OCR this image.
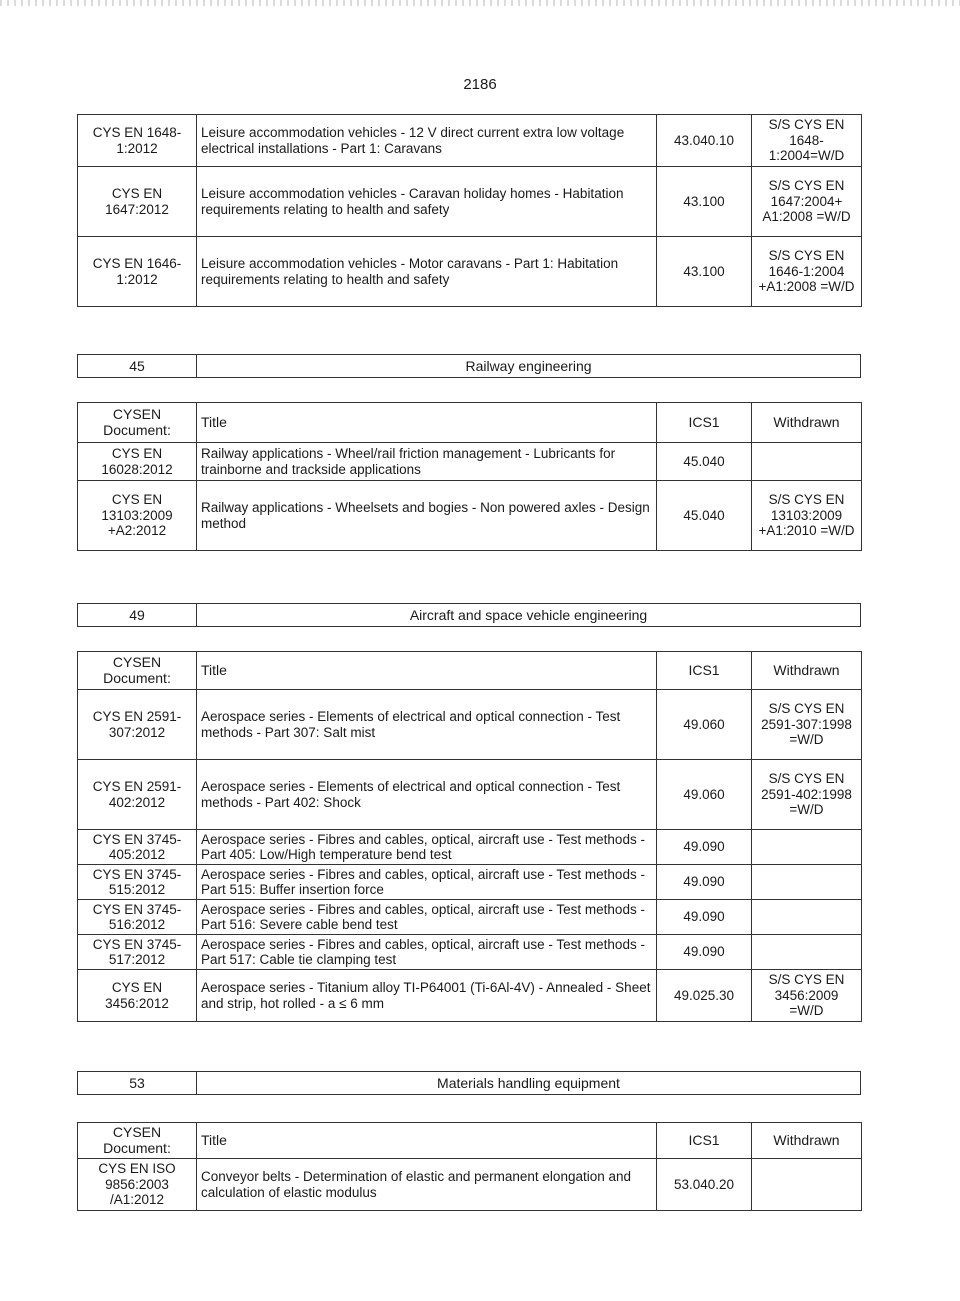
2186
CYS EN 1648-1:2012	Leisure accommodation vehicles - 12 V direct current extra low voltage electrical installations - Part 1: Caravans	43.040.10	S/S CYS EN 1648-1:2004=W/D
CYS EN 1647:2012	Leisure accommodation vehicles - Caravan holiday homes - Habitation requirements relating to health and safety	43.100	S/S CYS EN 1647:2004+ A1:2008 =W/D
CYS EN 1646-1:2012	Leisure accommodation vehicles - Motor caravans - Part 1: Habitation requirements relating to health and safety	43.100	S/S CYS EN 1646-1:2004 +A1:2008 =W/D
45	Railway engineering
CYSEN Document:	Title	ICS1	Withdrawn
CYS EN 16028:2012	Railway applications - Wheel/rail friction management - Lubricants for trainborne and trackside applications	45.040	
CYS EN 13103:2009 +A2:2012	Railway applications - Wheelsets and bogies - Non powered axles - Design method	45.040	S/S CYS EN 13103:2009 +A1:2010 =W/D
49	Aircraft and space vehicle engineering
CYSEN Document:	Title	ICS1	Withdrawn
CYS EN 2591-307:2012	Aerospace series - Elements of electrical and optical connection - Test methods - Part 307: Salt mist	49.060	S/S CYS EN 2591-307:1998 =W/D
CYS EN 2591-402:2012	Aerospace series - Elements of electrical and optical connection - Test methods - Part 402: Shock	49.060	S/S CYS EN 2591-402:1998 =W/D
CYS EN 3745-405:2012	Aerospace series - Fibres and cables, optical, aircraft use - Test methods - Part 405: Low/High temperature bend test	49.090	
CYS EN 3745-515:2012	Aerospace series - Fibres and cables, optical, aircraft use - Test methods - Part 515: Buffer insertion force	49.090	
CYS EN 3745-516:2012	Aerospace series - Fibres and cables, optical, aircraft use - Test methods - Part 516: Severe cable bend test	49.090	
CYS EN 3745-517:2012	Aerospace series - Fibres and cables, optical, aircraft use - Test methods - Part 517: Cable tie clamping test	49.090	
CYS EN 3456:2012	Aerospace series - Titanium alloy TI-P64001 (Ti-6Al-4V) - Annealed - Sheet and strip, hot rolled - a ≤ 6 mm	49.025.30	S/S CYS EN 3456:2009 =W/D
53	Materials handling equipment
CYSEN Document:	Title	ICS1	Withdrawn
CYS EN ISO 9856:2003 /A1:2012	Conveyor belts - Determination of elastic and permanent elongation and calculation of elastic modulus	53.040.20	
